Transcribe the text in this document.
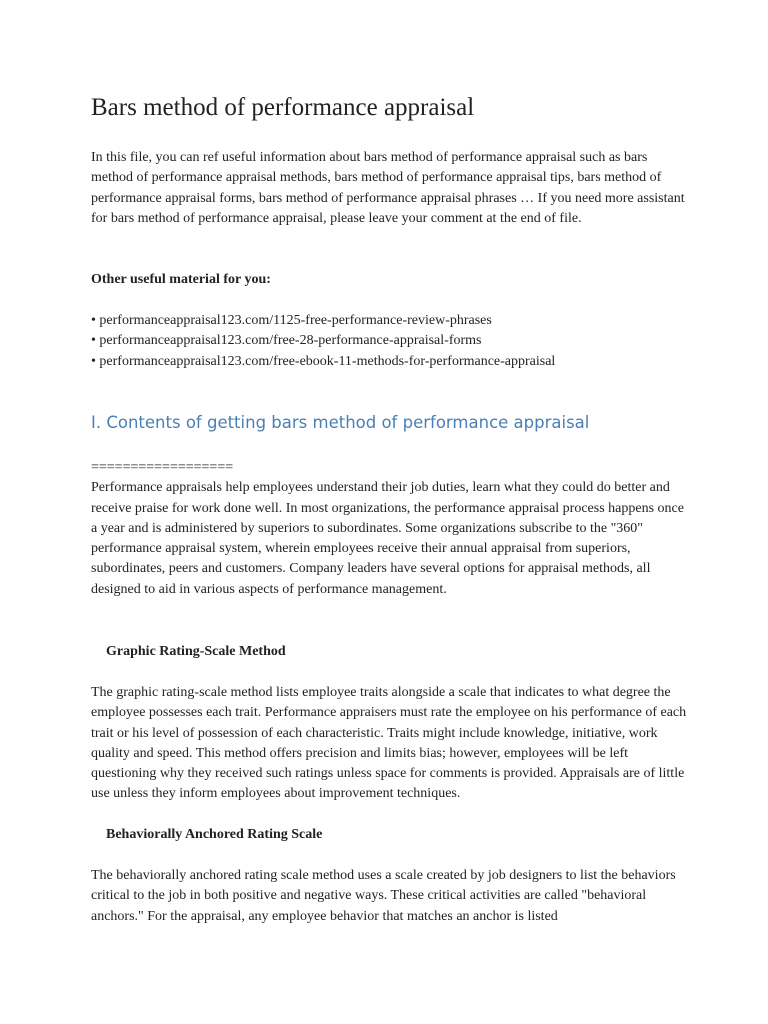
Bars method of performance appraisal

In this file, you can ref useful information about bars method of performance appraisal such as bars method of performance appraisal methods, bars method of performance appraisal tips, bars method of performance appraisal forms, bars method of performance appraisal phrases … If you need more assistant for bars method of performance appraisal, please leave your comment at the end of file.

Other useful material for you:

• performanceappraisal123.com/1125-free-performance-review-phrases
• performanceappraisal123.com/free-28-performance-appraisal-forms
• performanceappraisal123.com/free-ebook-11-methods-for-performance-appraisal
I. Contents of getting bars method of performance appraisal
==================
Performance appraisals help employees understand their job duties, learn what they could do better and receive praise for work done well. In most organizations, the performance appraisal process happens once a year and is administered by superiors to subordinates. Some organizations subscribe to the "360" performance appraisal system, wherein employees receive their annual appraisal from superiors, subordinates, peers and customers. Company leaders have several options for appraisal methods, all designed to aid in various aspects of performance management.

Graphic Rating-Scale Method

The graphic rating-scale method lists employee traits alongside a scale that indicates to what degree the employee possesses each trait. Performance appraisers must rate the employee on his performance of each trait or his level of possession of each characteristic. Traits might include knowledge, initiative, work quality and speed. This method offers precision and limits bias; however, employees will be left questioning why they received such ratings unless space for comments is provided. Appraisals are of little use unless they inform employees about improvement techniques.

Behaviorally Anchored Rating Scale

The behaviorally anchored rating scale method uses a scale created by job designers to list the behaviors critical to the job in both positive and negative ways. These critical activities are called "behavioral anchors." For the appraisal, any employee behavior that matches an anchor is listed
